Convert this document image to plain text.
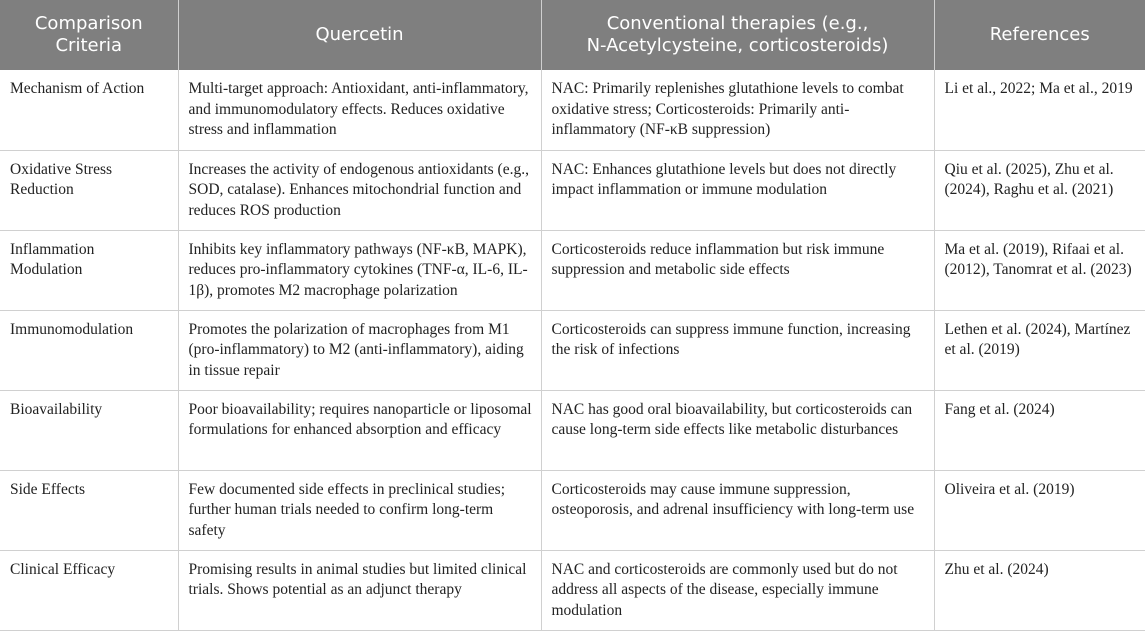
Comparison Criteria	Quercetin	Conventional therapies (e.g.,
N-Acetylcysteine, corticosteroids)	References
Mechanism of Action	Multi-target approach: Antioxidant, anti-inflammatory, and immunomodulatory effects. Reduces oxidative stress and inflammation	NAC: Primarily replenishes glutathione levels to combat oxidative stress; Corticosteroids: Primarily anti-inflammatory (NF-κB suppression)	Li et al., 2022; Ma et al., 2019
Oxidative Stress Reduction	Increases the activity of endogenous antioxidants (e.g., SOD, catalase). Enhances mitochondrial function and reduces ROS production	NAC: Enhances glutathione levels but does not directly impact inflammation or immune modulation	Qiu et al. (2025), Zhu et al. (2024), Raghu et al. (2021)
Inflammation Modulation	Inhibits key inflammatory pathways (NF-κB, MAPK), reduces pro-inflammatory cytokines (TNF-α, IL-6, IL-1β), promotes M2 macrophage polarization	Corticosteroids reduce inflammation but risk immune suppression and metabolic side effects	Ma et al. (2019), Rifaai et al. (2012), Tanomrat et al. (2023)
Immunomodulation	Promotes the polarization of macrophages from M1 (pro-inflammatory) to M2 (anti-inflammatory), aiding in tissue repair	Corticosteroids can suppress immune function, increasing the risk of infections	Lethen et al. (2024), Martínez et al. (2019)
Bioavailability	Poor bioavailability; requires nanoparticle or liposomal formulations for enhanced absorption and efficacy	NAC has good oral bioavailability, but corticosteroids can cause long-term side effects like metabolic disturbances	Fang et al. (2024)
Side Effects	Few documented side effects in preclinical studies; further human trials needed to confirm long-term safety	Corticosteroids may cause immune suppression, osteoporosis, and adrenal insufficiency with long-term use	Oliveira et al. (2019)
Clinical Efficacy	Promising results in animal studies but limited clinical trials. Shows potential as an adjunct therapy	NAC and corticosteroids are commonly used but do not address all aspects of the disease, especially immune modulation	Zhu et al. (2024)
